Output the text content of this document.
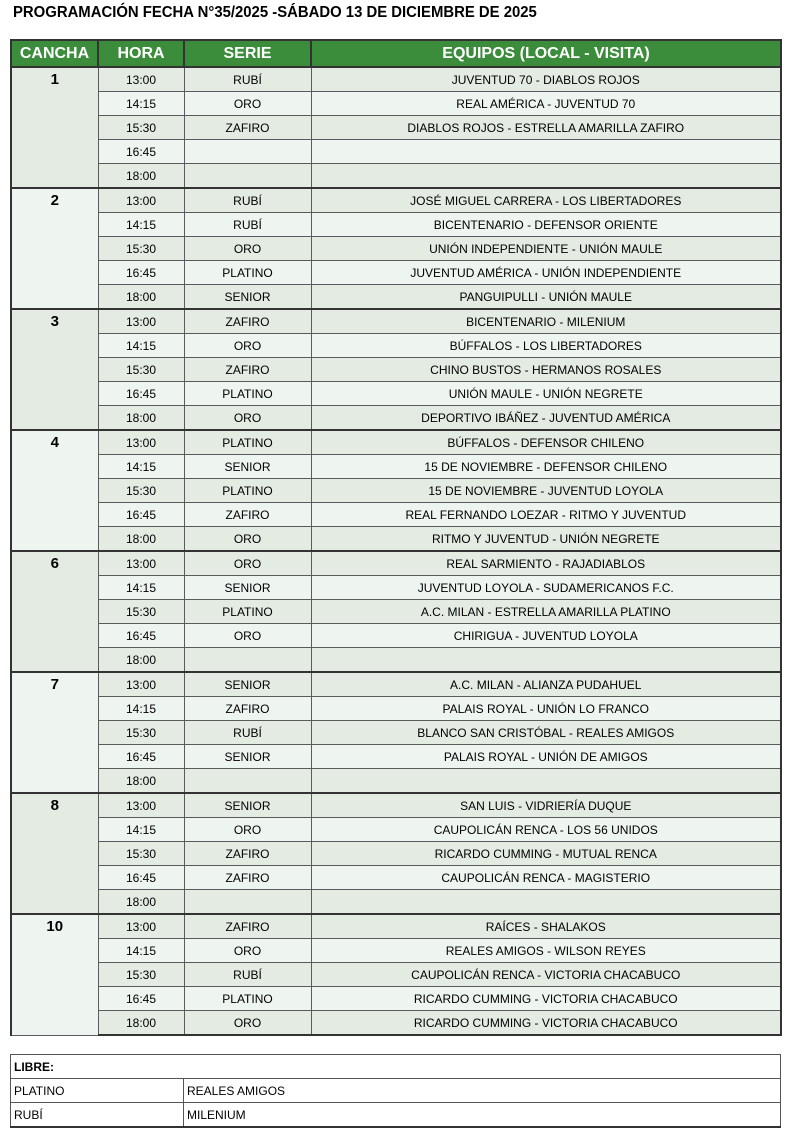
PROGRAMACIÓN FECHA N°35/2025 -SÁBADO 13 DE DICIEMBRE DE 2025
CANCHA	HORA	SERIE	EQUIPOS (LOCAL - VISITA)
1	13:00	RUBÍ	JUVENTUD 70 - DIABLOS ROJOS
	14:15	ORO	REAL AMÉRICA - JUVENTUD 70
	15:30	ZAFIRO	DIABLOS ROJOS - ESTRELLA AMARILLA ZAFIRO
	16:45		
	18:00		
2	13:00	RUBÍ	JOSÉ MIGUEL CARRERA - LOS LIBERTADORES
	14:15	RUBÍ	BICENTENARIO - DEFENSOR ORIENTE
	15:30	ORO	UNIÓN INDEPENDIENTE - UNIÓN MAULE
	16:45	PLATINO	JUVENTUD AMÉRICA - UNIÓN INDEPENDIENTE
	18:00	SENIOR	PANGUIPULLI - UNIÓN MAULE
3	13:00	ZAFIRO	BICENTENARIO - MILENIUM
	14:15	ORO	BÚFFALOS - LOS LIBERTADORES
	15:30	ZAFIRO	CHINO BUSTOS - HERMANOS ROSALES
	16:45	PLATINO	UNIÓN MAULE - UNIÓN NEGRETE
	18:00	ORO	DEPORTIVO IBÁÑEZ - JUVENTUD AMÉRICA
4	13:00	PLATINO	BÚFFALOS - DEFENSOR CHILENO
	14:15	SENIOR	15 DE NOVIEMBRE - DEFENSOR CHILENO
	15:30	PLATINO	15 DE NOVIEMBRE - JUVENTUD LOYOLA
	16:45	ZAFIRO	REAL FERNANDO LOEZAR - RITMO Y JUVENTUD
	18:00	ORO	RITMO Y JUVENTUD - UNIÓN NEGRETE
6	13:00	ORO	REAL SARMIENTO - RAJADIABLOS
	14:15	SENIOR	JUVENTUD LOYOLA - SUDAMERICANOS F.C.
	15:30	PLATINO	A.C. MILAN - ESTRELLA AMARILLA PLATINO
	16:45	ORO	CHIRIGUA - JUVENTUD LOYOLA
	18:00		
7	13:00	SENIOR	A.C. MILAN - ALIANZA PUDAHUEL
	14:15	ZAFIRO	PALAIS ROYAL - UNIÓN LO FRANCO
	15:30	RUBÍ	BLANCO SAN CRISTÓBAL - REALES AMIGOS
	16:45	SENIOR	PALAIS ROYAL - UNIÓN DE AMIGOS
	18:00		
8	13:00	SENIOR	SAN LUIS - VIDRIERÍA DUQUE
	14:15	ORO	CAUPOLICÁN RENCA - LOS 56 UNIDOS
	15:30	ZAFIRO	RICARDO CUMMING - MUTUAL RENCA
	16:45	ZAFIRO	CAUPOLICÁN RENCA - MAGISTERIO
	18:00		
10	13:00	ZAFIRO	RAÍCES - SHALAKOS
	14:15	ORO	REALES AMIGOS - WILSON REYES
	15:30	RUBÍ	CAUPOLICÁN RENCA - VICTORIA CHACABUCO
	16:45	PLATINO	RICARDO CUMMING - VICTORIA CHACABUCO
	18:00	ORO	RICARDO CUMMING - VICTORIA CHACABUCO
LIBRE:	
PLATINO	REALES AMIGOS
RUBÍ	MILENIUM
